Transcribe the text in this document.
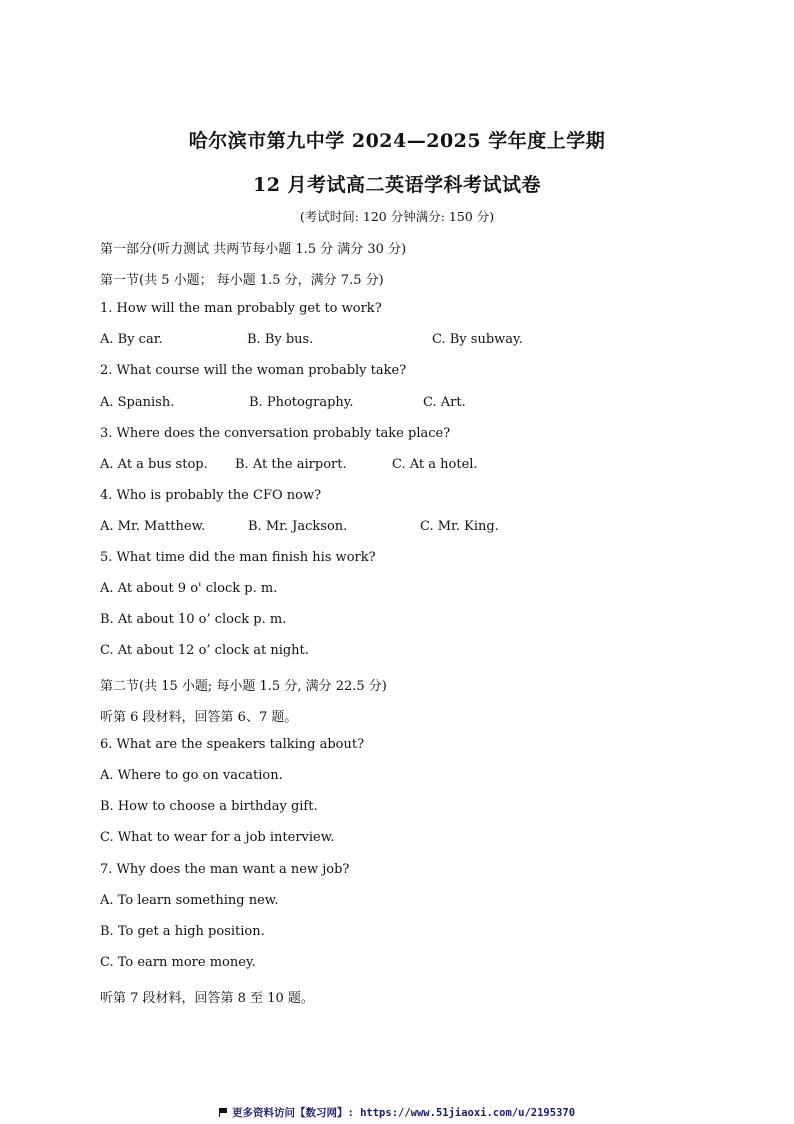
哈尔滨市第九中学 2024—2025 学年度上学期
12 月考试高二英语学科考试试卷
(考试时间: 120 分钟满分: 150 分)
第一部分(听力测试 共两节每小题 1.5 分 满分 30 分)
第一节(共 5 小题； 每小题 1.5 分，满分 7.5 分)
1. How will the man probably get to work?
A. By car.	B. By bus.	C. By subway.
2. What course will the woman probably take?
A. Spanish.	B. Photography.	C. Art.
3. Where does the conversation probably take place?
A. At a bus stop. B. At the airport.	C. At a hotel.
4. Who is probably the CFO now?
A. Mr. Matthew.	B. Mr. Jackson.	C. Mr. King.
5. What time did the man finish his work?
A. At about 9 o' clock p. m.
B. At about 10 o’ clock p. m.
C. At about 12 o’ clock at night.
第二节(共 15 小题; 每小题 1.5 分, 满分 22.5 分)
听第 6 段材料，回答第 6、7 题。
6. What are the speakers talking about?
A. Where to go on vacation.
B. How to choose a birthday gift.
C. What to wear for a job interview.
7. Why does the man want a new job?
A. To learn something new.
B. To get a high position.
C. To earn more money.
听第 7 段材料，回答第 8 至 10 题。
更多资料访问【数习网】: https://www.51jiaoxi.com/u/2195370
